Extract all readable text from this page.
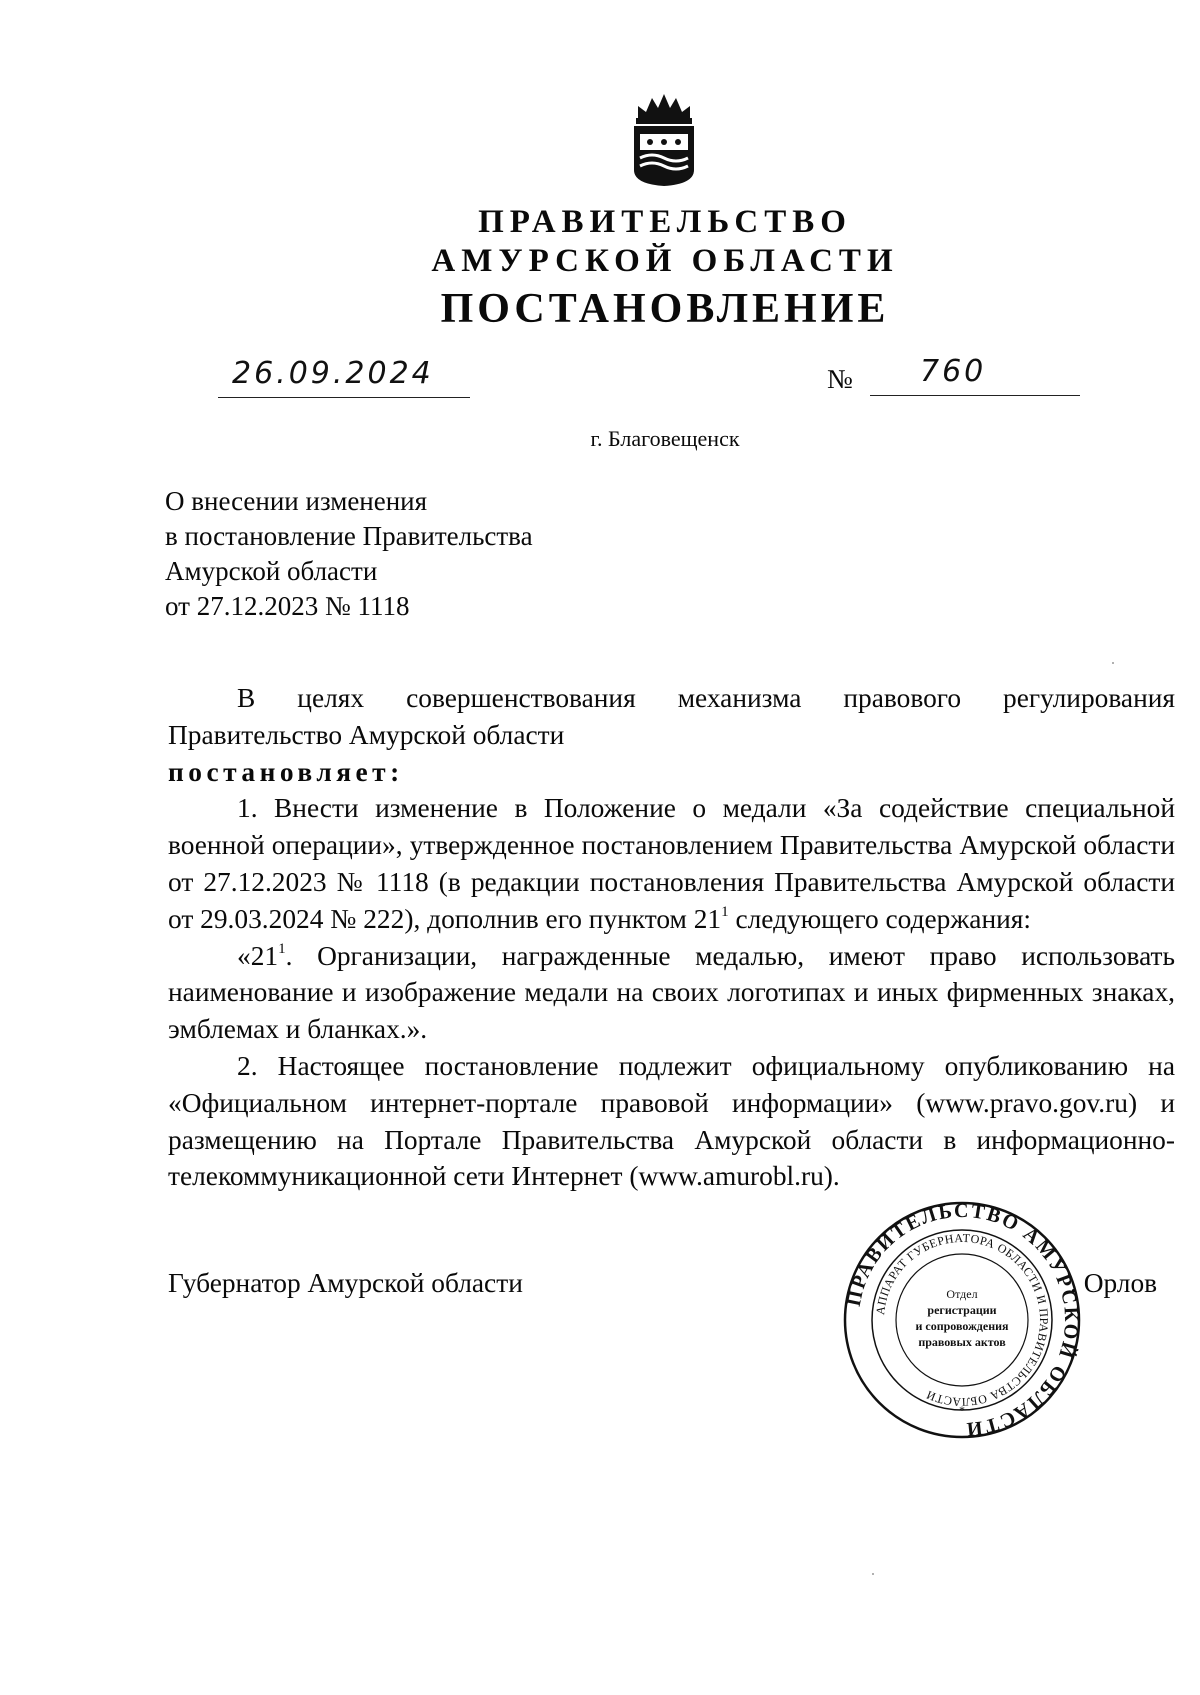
ПРАВИТЕЛЬСТВО
АМУРСКОЙ ОБЛАСТИ
ПОСТАНОВЛЕНИЕ
26.09.2024	№ 760
г. Благовещенск
О внесении изменения
в постановление Правительства
Амурской области
от 27.12.2023 № 1118

В целях совершенствования механизма правового регулирования Правительство Амурской области

постановляет:

1. Внести изменение в Положение о медали «За содействие специальной военной операции», утвержденное постановлением Правительства Амурской области от 27.12.2023 № 1118 (в редакции постановления Правительства Амурской области от 29.03.2024 № 222), дополнив его пунктом $21^1$ следующего содержания:

«$21^1$. Организации, награжденные медалью, имеют право использовать наименование и изображение медали на своих логотипах и иных фирменных знаках, эмблемах и бланках.».

2. Настоящее постановление подлежит официальному опубликованию на «Официальном интернет-портале правовой информации» (www.pravo.gov.ru) и размещению на Портале Правительства Амурской области в информационно-телекоммуникационной сети Интернет (www.amurobl.ru).

Губернатор Амурской области	ПРАВИТЕЛЬСТВО АМУРСКОЙ ОБЛАСТИ
АППАРАТ ГУБЕРНАТОРА ОБЛАСТИ И ПРАВИТЕЛЬСТВА ОБЛАСТИ
Отдел
регистрации
и сопровождения
правовых актов
*
. Орлов
